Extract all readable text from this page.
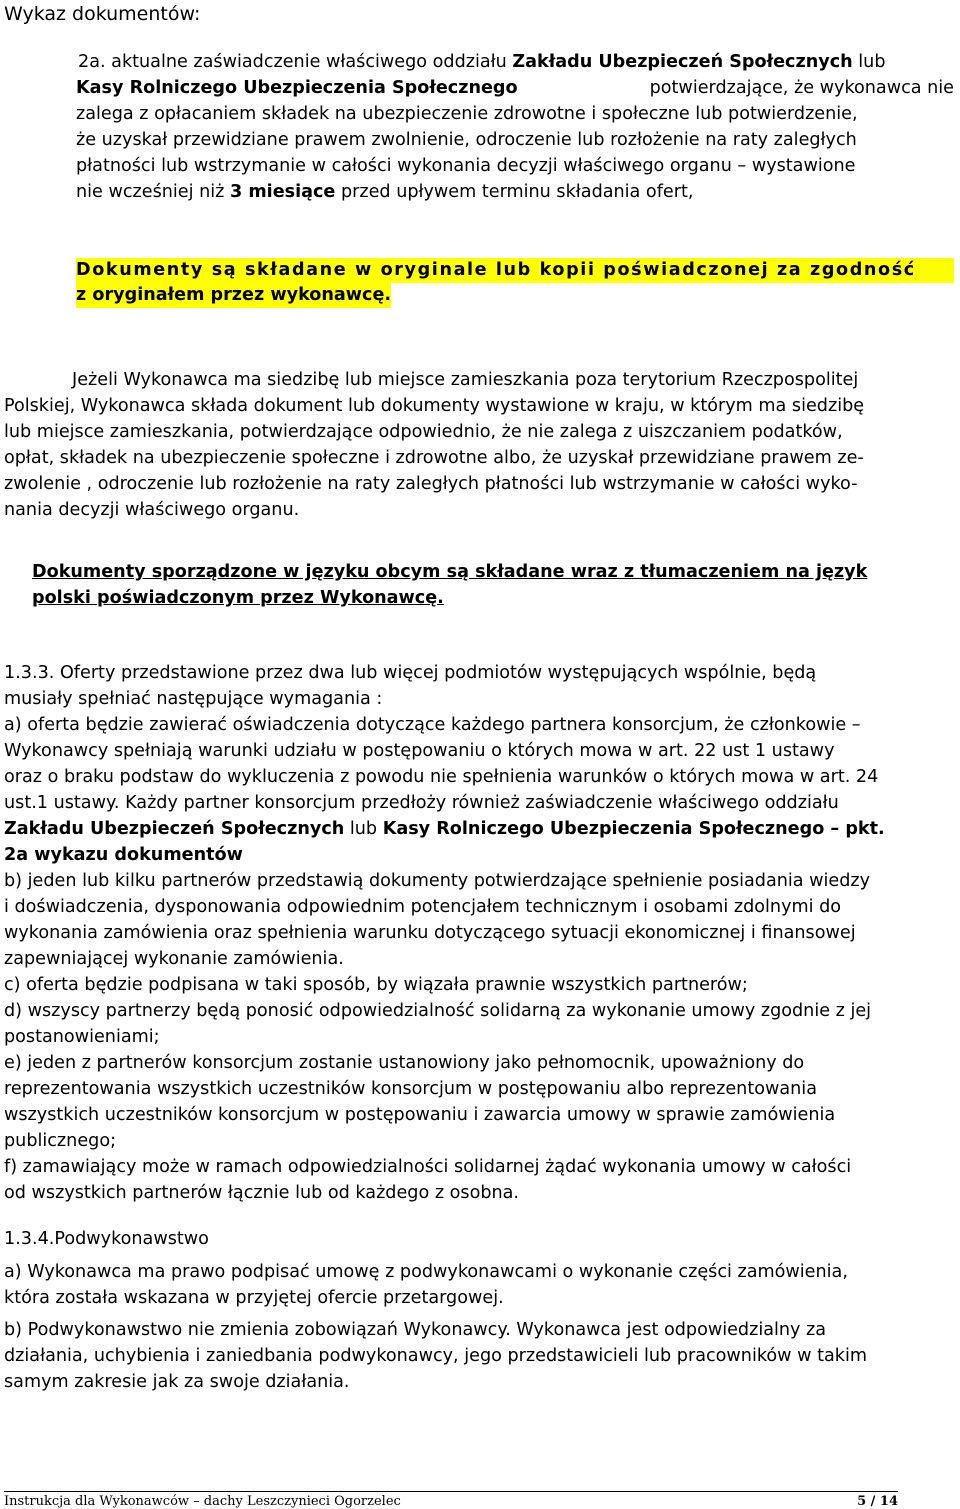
Wykaz dokumentów:
2a. aktualne zaświadczenie właściwego oddziału Zakładu Ubezpieczeń Społecznych lub
Kasy Rolniczego Ubezpieczenia Społecznego	potwierdzające, że wykonawca nie
zalega z opłacaniem składek na ubezpieczenie zdrowotne i społeczne lub potwierdzenie,
że uzyskał przewidziane prawem zwolnienie, odroczenie lub rozłożenie na raty zaległych
płatności lub wstrzymanie w całości wykonania decyzji właściwego organu – wystawione
nie wcześniej niż 3 miesiące przed upływem terminu składania ofert,
Dokumenty są składane w oryginale lub kopii poświadczonej za zgodność
z oryginałem przez wykonawcę.
Jeżeli Wykonawca ma siedzibę lub miejsce zamieszkania poza terytorium Rzeczpospolitej
Polskiej, Wykonawca składa dokument lub dokumenty wystawione w kraju, w którym ma siedzibę
lub miejsce zamieszkania, potwierdzające odpowiednio, że nie zalega z uiszczaniem podatków,
opłat, składek na ubezpieczenie społeczne i zdrowotne albo, że uzyskał przewidziane prawem ze-
zwolenie , odroczenie lub rozłożenie na raty zaległych płatności lub wstrzymanie w całości wyko-
nania decyzji właściwego organu.
Dokumenty sporządzone w języku obcym są składane wraz z tłumaczeniem na język
polski poświadczonym przez Wykonawcę.
1.3.3. Oferty przedstawione przez dwa lub więcej podmiotów występujących wspólnie, będą
musiały spełniać następujące wymagania :
a) oferta będzie zawierać oświadczenia dotyczące każdego partnera konsorcjum, że członkowie –
Wykonawcy spełniają warunki udziału w postępowaniu o których mowa w art. 22 ust 1 ustawy
oraz o braku podstaw do wykluczenia z powodu nie spełnienia warunków o których mowa w art. 24
ust.1 ustawy. Każdy partner konsorcjum przedłoży również zaświadczenie właściwego oddziału
Zakładu Ubezpieczeń Społecznych lub Kasy Rolniczego Ubezpieczenia Społecznego – pkt.
2a wykazu dokumentów
b) jeden lub kilku partnerów przedstawią dokumenty potwierdzające spełnienie posiadania wiedzy
i doświadczenia, dysponowania odpowiednim potencjałem technicznym i osobami zdolnymi do
wykonania zamówienia oraz spełnienia warunku dotyczącego sytuacji ekonomicznej i finansowej
zapewniającej wykonanie zamówienia.
c) oferta będzie podpisana w taki sposób, by wiązała prawnie wszystkich partnerów;
d) wszyscy partnerzy będą ponosić odpowiedzialność solidarną za wykonanie umowy zgodnie z jej
postanowieniami;
e) jeden z partnerów konsorcjum zostanie ustanowiony jako pełnomocnik, upoważniony do
reprezentowania wszystkich uczestników konsorcjum w postępowaniu albo reprezentowania
wszystkich uczestników konsorcjum w postępowaniu i zawarcia umowy w sprawie zamówienia
publicznego;
f) zamawiający może w ramach odpowiedzialności solidarnej żądać wykonania umowy w całości
od wszystkich partnerów łącznie lub od każdego z osobna.
1.3.4.Podwykonawstwo
a) Wykonawca ma prawo podpisać umowę z podwykonawcami o wykonanie części zamówienia,
która została wskazana w przyjętej ofercie przetargowej.
b) Podwykonawstwo nie zmienia zobowiązań Wykonawcy. Wykonawca jest odpowiedzialny za
działania, uchybienia i zaniedbania podwykonawcy, jego przedstawicieli lub pracowników w takim
samym zakresie jak za swoje działania.
Instrukcja dla Wykonawców – dachy Leszczynieci Ogorzelec	5 / 14
